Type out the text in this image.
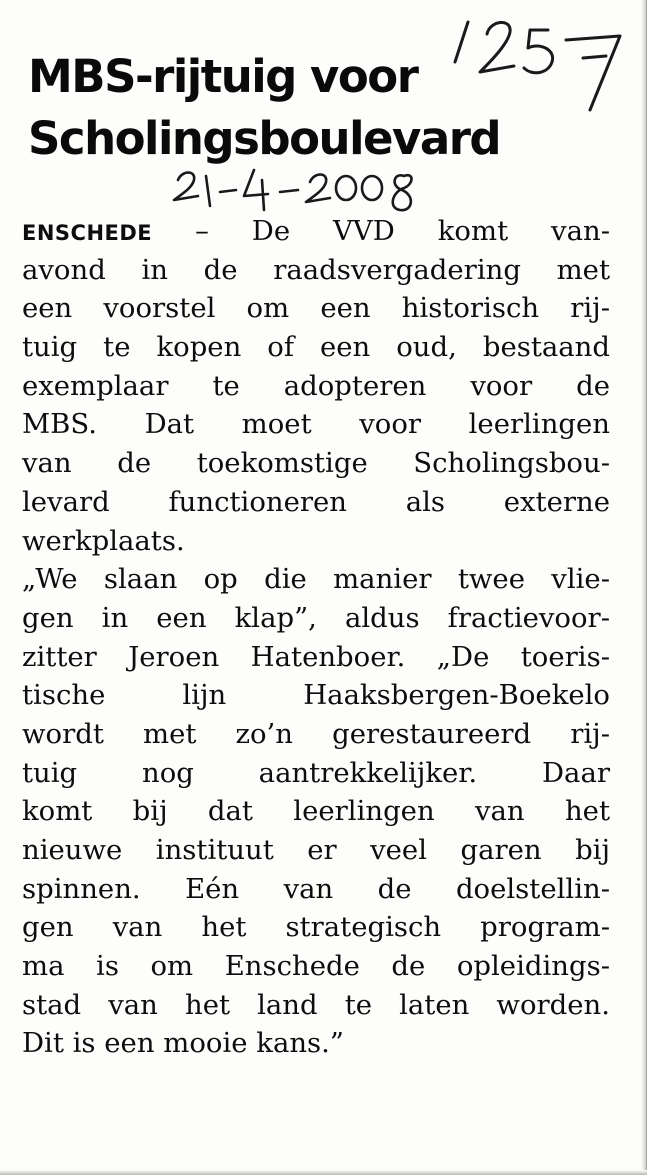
MBS-rijtuig voor
Scholingsboulevard
ENSCHEDE – De VVD komt van-
avond in de raadsvergadering met
een voorstel om een historisch rij-
tuig te kopen of een oud, bestaand
exemplaar te adopteren voor de
MBS. Dat moet voor leerlingen
van de toekomstige Scholingsbou-
levard functioneren als externe
werkplaats.
„We slaan op die manier twee vlie-
gen in een klap”, aldus fractievoor-
zitter Jeroen Hatenboer. „De toeris-
tische lijn Haaksbergen-Boekelo
wordt met zo’n gerestaureerd rij-
tuig nog aantrekkelijker. Daar
komt bij dat leerlingen van het
nieuwe instituut er veel garen bij
spinnen. Eén van de doelstellin-
gen van het strategisch program-
ma is om Enschede de opleidings-
stad van het land te laten worden.
Dit is een mooie kans.”
